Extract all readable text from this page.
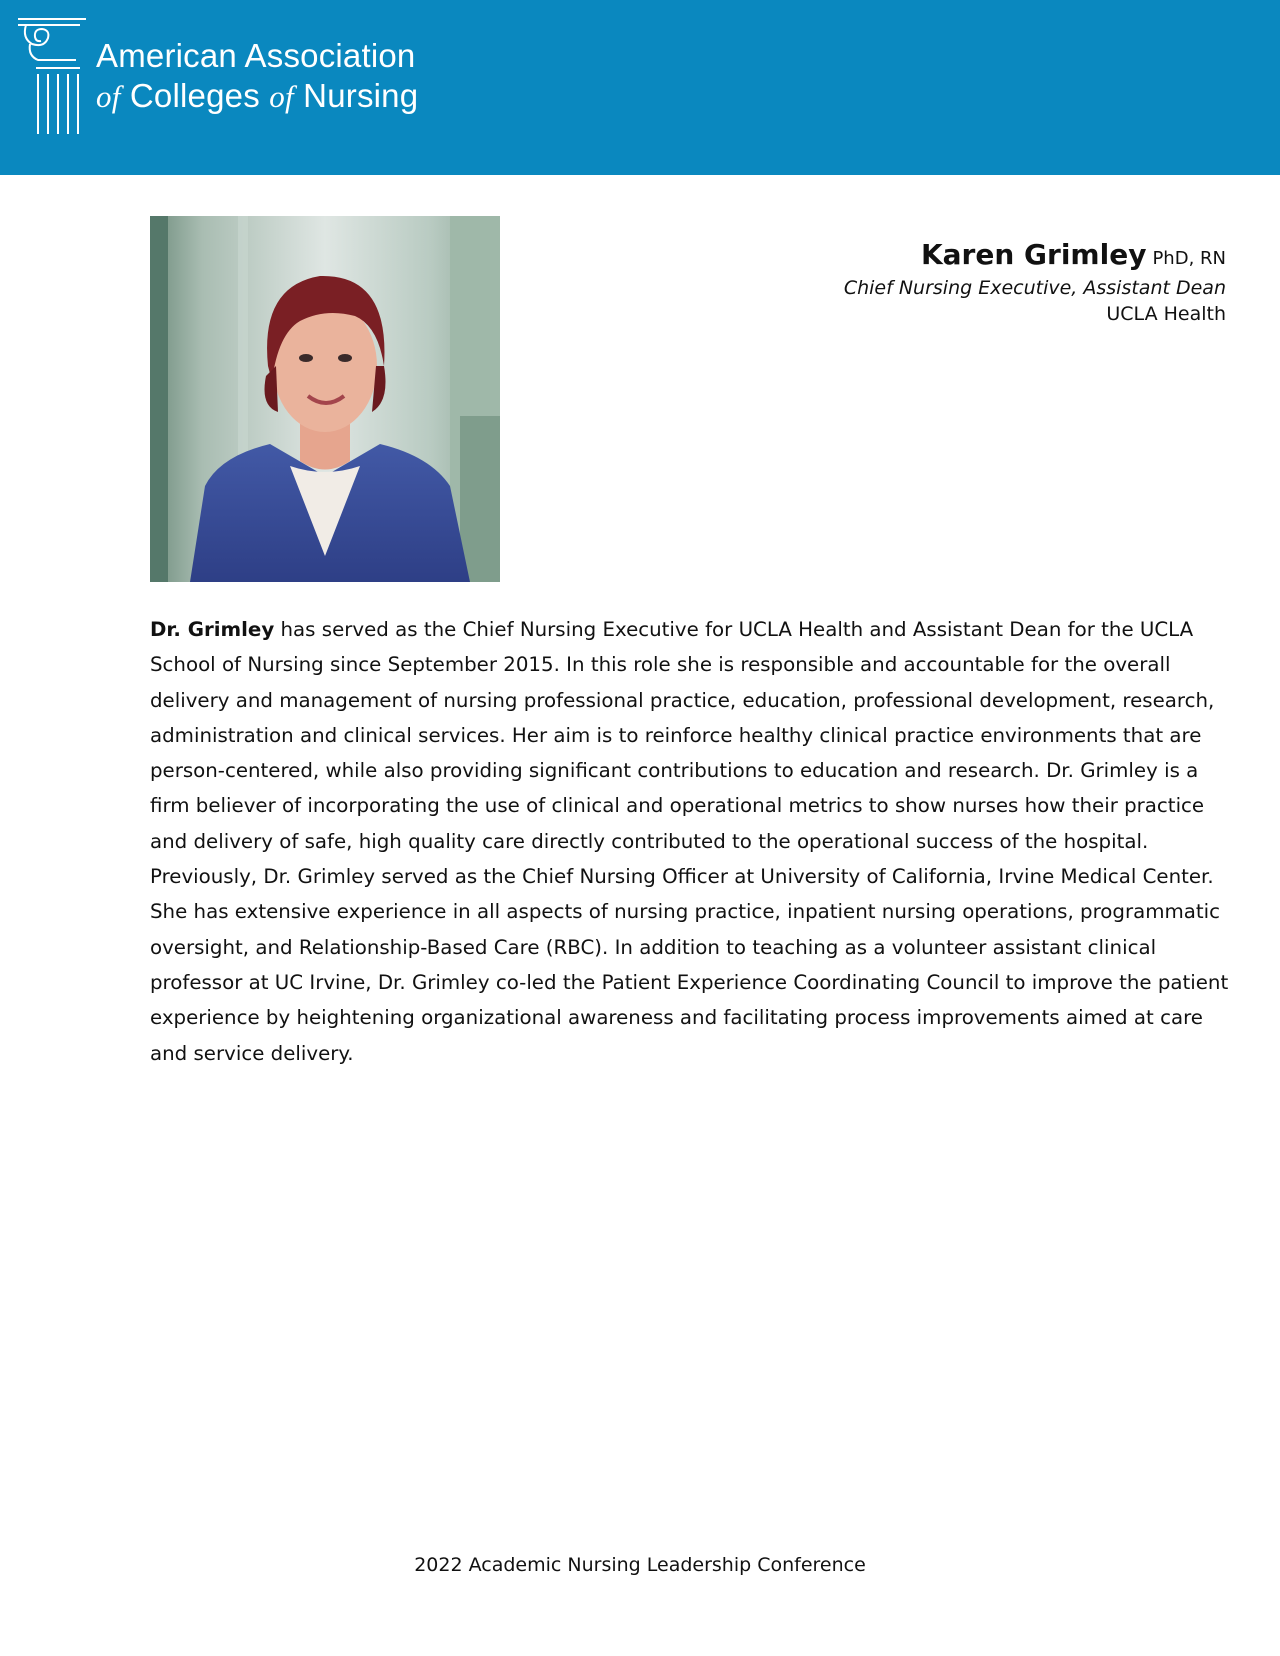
American Association
of Colleges of Nursing
Karen Grimley PhD, RN
Chief Nursing Executive, Assistant Dean
UCLA Health
Dr. Grimley has served as the Chief Nursing Executive for UCLA Health and Assistant Dean for the UCLA School of Nursing since September 2015. In this role she is responsible and accountable for the overall delivery and management of nursing professional practice, education, professional development, research, administration and clinical services. Her aim is to reinforce healthy clinical practice environments that are person-centered, while also providing significant contributions to education and research. Dr. Grimley is a firm believer of incorporating the use of clinical and operational metrics to show nurses how their practice and delivery of safe, high quality care directly contributed to the operational success of the hospital. Previously, Dr. Grimley served as the Chief Nursing Officer at University of California, Irvine Medical Center. She has extensive experience in all aspects of nursing practice, inpatient nursing operations, programmatic oversight, and Relationship-Based Care (RBC). In addition to teaching as a volunteer assistant clinical professor at UC Irvine, Dr. Grimley co-led the Patient Experience Coordinating Council to improve the patient experience by heightening organizational awareness and facilitating process improvements aimed at care and service delivery.
2022 Academic Nursing Leadership Conference
